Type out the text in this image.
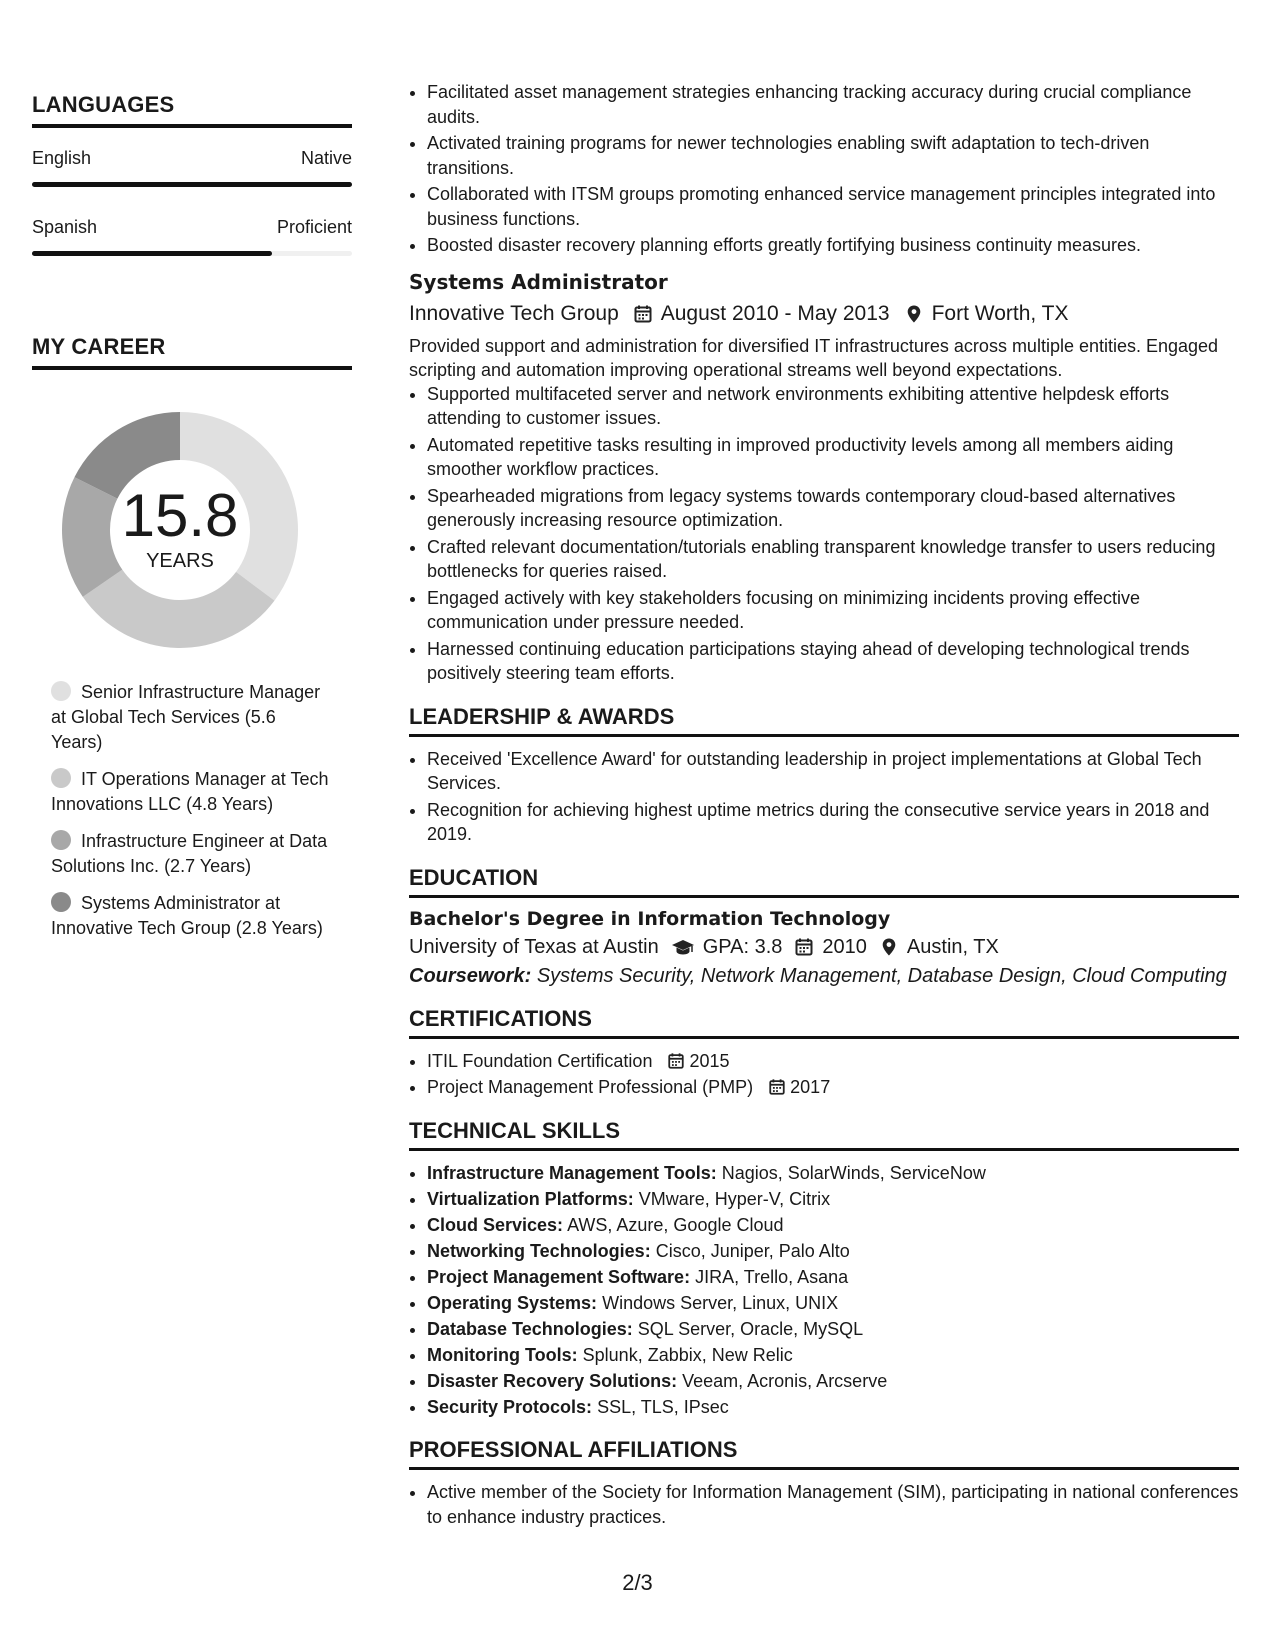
LANGUAGES
English	Native
Spanish	Proficient
MY CAREER
15.8
YEARS
Senior Infrastructure Manager at Global Tech Services (5.6 Years)
IT Operations Manager at Tech Innovations LLC (4.8 Years)
Infrastructure Engineer at Data Solutions Inc. (2.7 Years)
Systems Administrator at Innovative Tech Group (2.8 Years)
• Facilitated asset management strategies enhancing tracking accuracy during crucial compliance audits.
• Activated training programs for newer technologies enabling swift adaptation to tech-driven transitions.
• Collaborated with ITSM groups promoting enhanced service management principles integrated into business functions.
• Boosted disaster recovery planning efforts greatly fortifying business continuity measures.
Systems Administrator
Innovative Tech Group August 2010 - May 2013 Fort Worth, TX
Provided support and administration for diversified IT infrastructures across multiple entities. Engaged scripting and automation improving operational streams well beyond expectations.
• Supported multifaceted server and network environments exhibiting attentive helpdesk efforts attending to customer issues.
• Automated repetitive tasks resulting in improved productivity levels among all members aiding smoother workflow practices.
• Spearheaded migrations from legacy systems towards contemporary cloud-based alternatives generously increasing resource optimization.
• Crafted relevant documentation/tutorials enabling transparent knowledge transfer to users reducing bottlenecks for queries raised.
• Engaged actively with key stakeholders focusing on minimizing incidents proving effective communication under pressure needed.
• Harnessed continuing education participations staying ahead of developing technological trends positively steering team efforts.
LEADERSHIP & AWARDS
• Received 'Excellence Award' for outstanding leadership in project implementations at Global Tech Services.
• Recognition for achieving highest uptime metrics during the consecutive service years in 2018 and 2019.
EDUCATION
Bachelor's Degree in Information Technology
University of Texas at Austin GPA: 3.8 2010 Austin, TX
Coursework: Systems Security, Network Management, Database Design, Cloud Computing
CERTIFICATIONS
• ITIL Foundation Certification 2015
• Project Management Professional (PMP) 2017
TECHNICAL SKILLS
• Infrastructure Management Tools: Nagios, SolarWinds, ServiceNow
• Virtualization Platforms: VMware, Hyper-V, Citrix
• Cloud Services: AWS, Azure, Google Cloud
• Networking Technologies: Cisco, Juniper, Palo Alto
• Project Management Software: JIRA, Trello, Asana
• Operating Systems: Windows Server, Linux, UNIX
• Database Technologies: SQL Server, Oracle, MySQL
• Monitoring Tools: Splunk, Zabbix, New Relic
• Disaster Recovery Solutions: Veeam, Acronis, Arcserve
• Security Protocols: SSL, TLS, IPsec
PROFESSIONAL AFFILIATIONS
• Active member of the Society for Information Management (SIM), participating in national conferences to enhance industry practices.
2/3
